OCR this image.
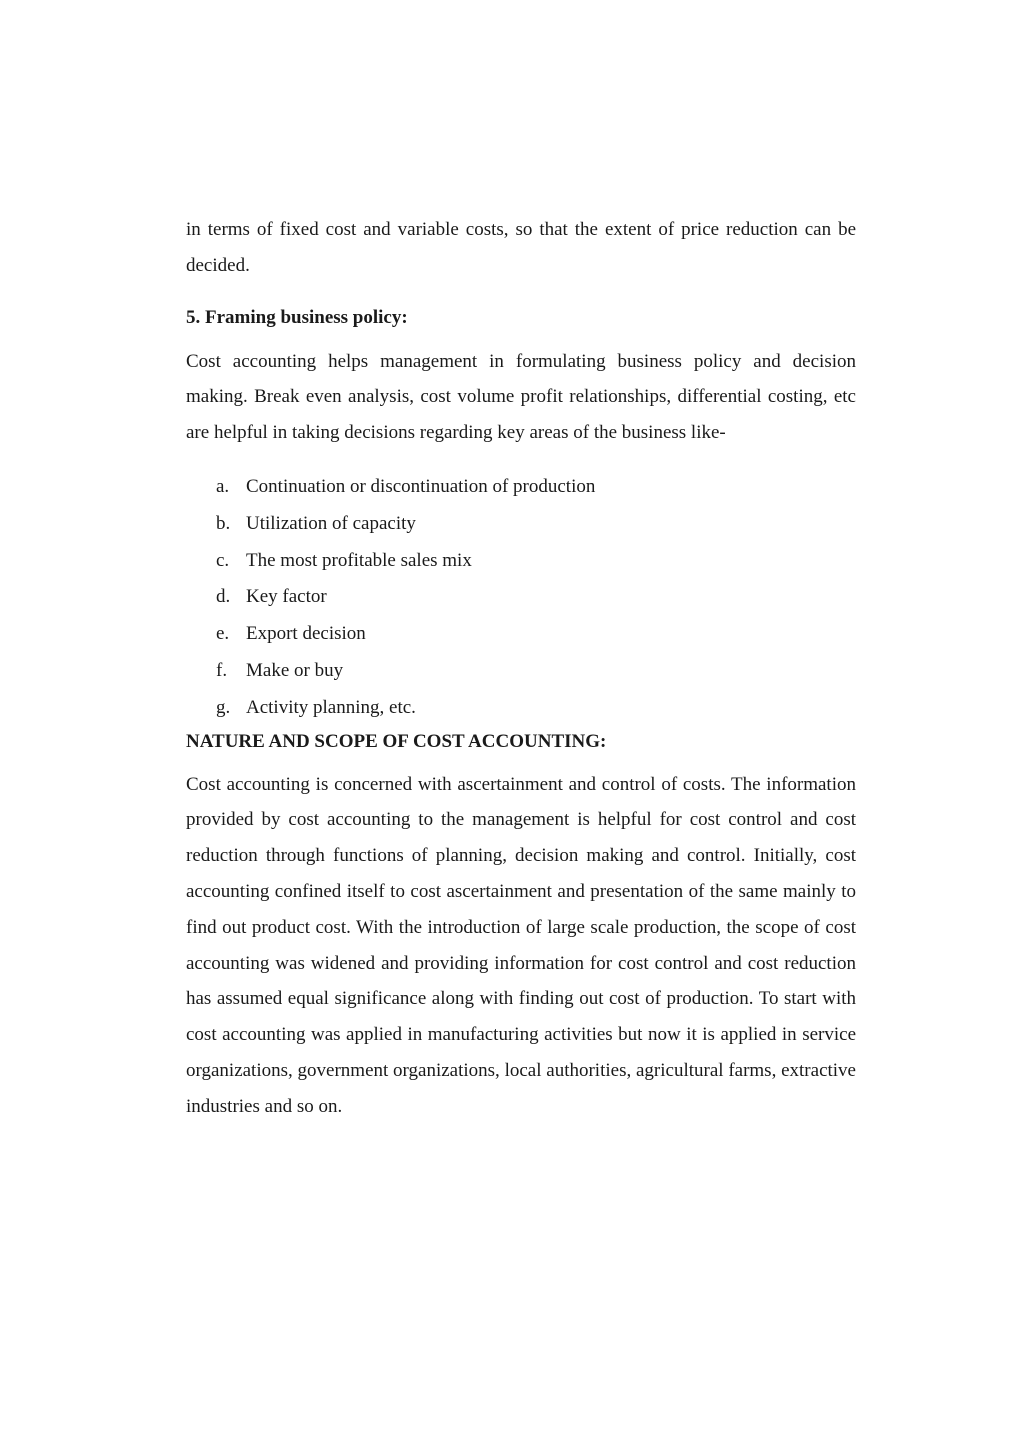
in terms of fixed cost and variable costs, so that the extent of price reduction can be decided.

5. Framing business policy:

Cost accounting helps management in formulating business policy and decision making. Break even analysis, cost volume profit relationships, differential costing, etc are helpful in taking decisions regarding key areas of the business like-

a. Continuation or discontinuation of production
b. Utilization of capacity
c. The most profitable sales mix
d. Key factor
e. Export decision
f. Make or buy
g. Activity planning, etc.
NATURE AND SCOPE OF COST ACCOUNTING:

Cost accounting is concerned with ascertainment and control of costs. The information provided by cost accounting to the management is helpful for cost control and cost reduction through functions of planning, decision making and control. Initially, cost accounting confined itself to cost ascertainment and presentation of the same mainly to find out product cost. With the introduction of large scale production, the scope of cost accounting was widened and providing information for cost control and cost reduction has assumed equal significance along with finding out cost of production. To start with cost accounting was applied in manufacturing activities but now it is applied in service organizations, government organizations, local authorities, agricultural farms, extractive industries and so on.
